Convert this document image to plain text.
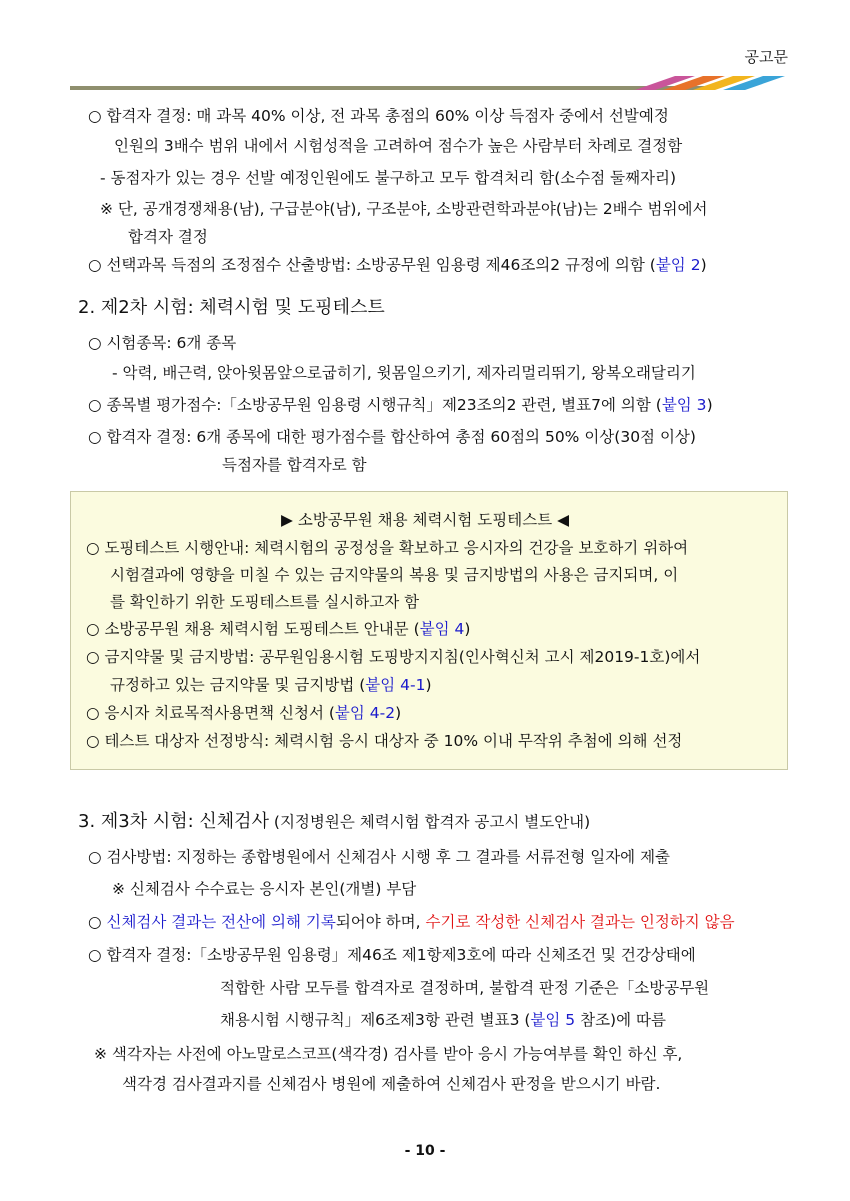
공고문
○ 합격자 결정: 매 과목 40% 이상, 전 과목 총점의 60% 이상 득점자 중에서 선발예정
인원의 3배수 범위 내에서 시험성적을 고려하여 점수가 높은 사람부터 차례로 결정함
- 동점자가 있는 경우 선발 예정인원에도 불구하고 모두 합격처리 함(소수점 둘째자리)
※ 단, 공개경쟁채용(남), 구급분야(남), 구조분야, 소방관련학과분야(남)는 2배수 범위에서
합격자 결정
○ 선택과목 득점의 조정점수 산출방법: 소방공무원 임용령 제46조의2 규정에 의함 (붙임 2)
2. 제2차 시험: 체력시험 및 도핑테스트
○ 시험종목: 6개 종목
- 악력, 배근력, 앉아윗몸앞으로굽히기, 윗몸일으키기, 제자리멀리뛰기, 왕복오래달리기
○ 종목별 평가점수:「소방공무원 임용령 시행규칙」제23조의2 관련, 별표7에 의함 (붙임 3)
○ 합격자 결정: 6개 종목에 대한 평가점수를 합산하여 총점 60점의 50% 이상(30점 이상)
득점자를 합격자로 함
▶ 소방공무원 채용 체력시험 도핑테스트 ◀
○ 도핑테스트 시행안내: 체력시험의 공정성을 확보하고 응시자의 건강을 보호하기 위하여
시험결과에 영향을 미칠 수 있는 금지약물의 복용 및 금지방법의 사용은 금지되며, 이
를 확인하기 위한 도핑테스트를 실시하고자 함
○ 소방공무원 채용 체력시험 도핑테스트 안내문 (붙임 4)
○ 금지약물 및 금지방법: 공무원임용시험 도핑방지지침(인사혁신처 고시 제2019-1호)에서
규정하고 있는 금지약물 및 금지방법 (붙임 4-1)
○ 응시자 치료목적사용면책 신청서 (붙임 4-2)
○ 테스트 대상자 선정방식: 체력시험 응시 대상자 중 10% 이내 무작위 추첨에 의해 선정
3. 제3차 시험: 신체검사 (지정병원은 체력시험 합격자 공고시 별도안내)
○ 검사방법: 지정하는 종합병원에서 신체검사 시행 후 그 결과를 서류전형 일자에 제출
※ 신체검사 수수료는 응시자 본인(개별) 부담
○ 신체검사 결과는 전산에 의해 기록되어야 하며, 수기로 작성한 신체검사 결과는 인정하지 않음
○ 합격자 결정:「소방공무원 임용령」제46조 제1항제3호에 따라 신체조건 및 건강상태에
적합한 사람 모두를 합격자로 결정하며, 불합격 판정 기준은「소방공무원
채용시험 시행규칙」제6조제3항 관련 별표3 (붙임 5 참조)에 따름
※ 색각자는 사전에 아노말로스코프(색각경) 검사를 받아 응시 가능여부를 확인 하신 후,
색각경 검사결과지를 신체검사 병원에 제출하여 신체검사 판정을 받으시기 바람.
- 10 -
